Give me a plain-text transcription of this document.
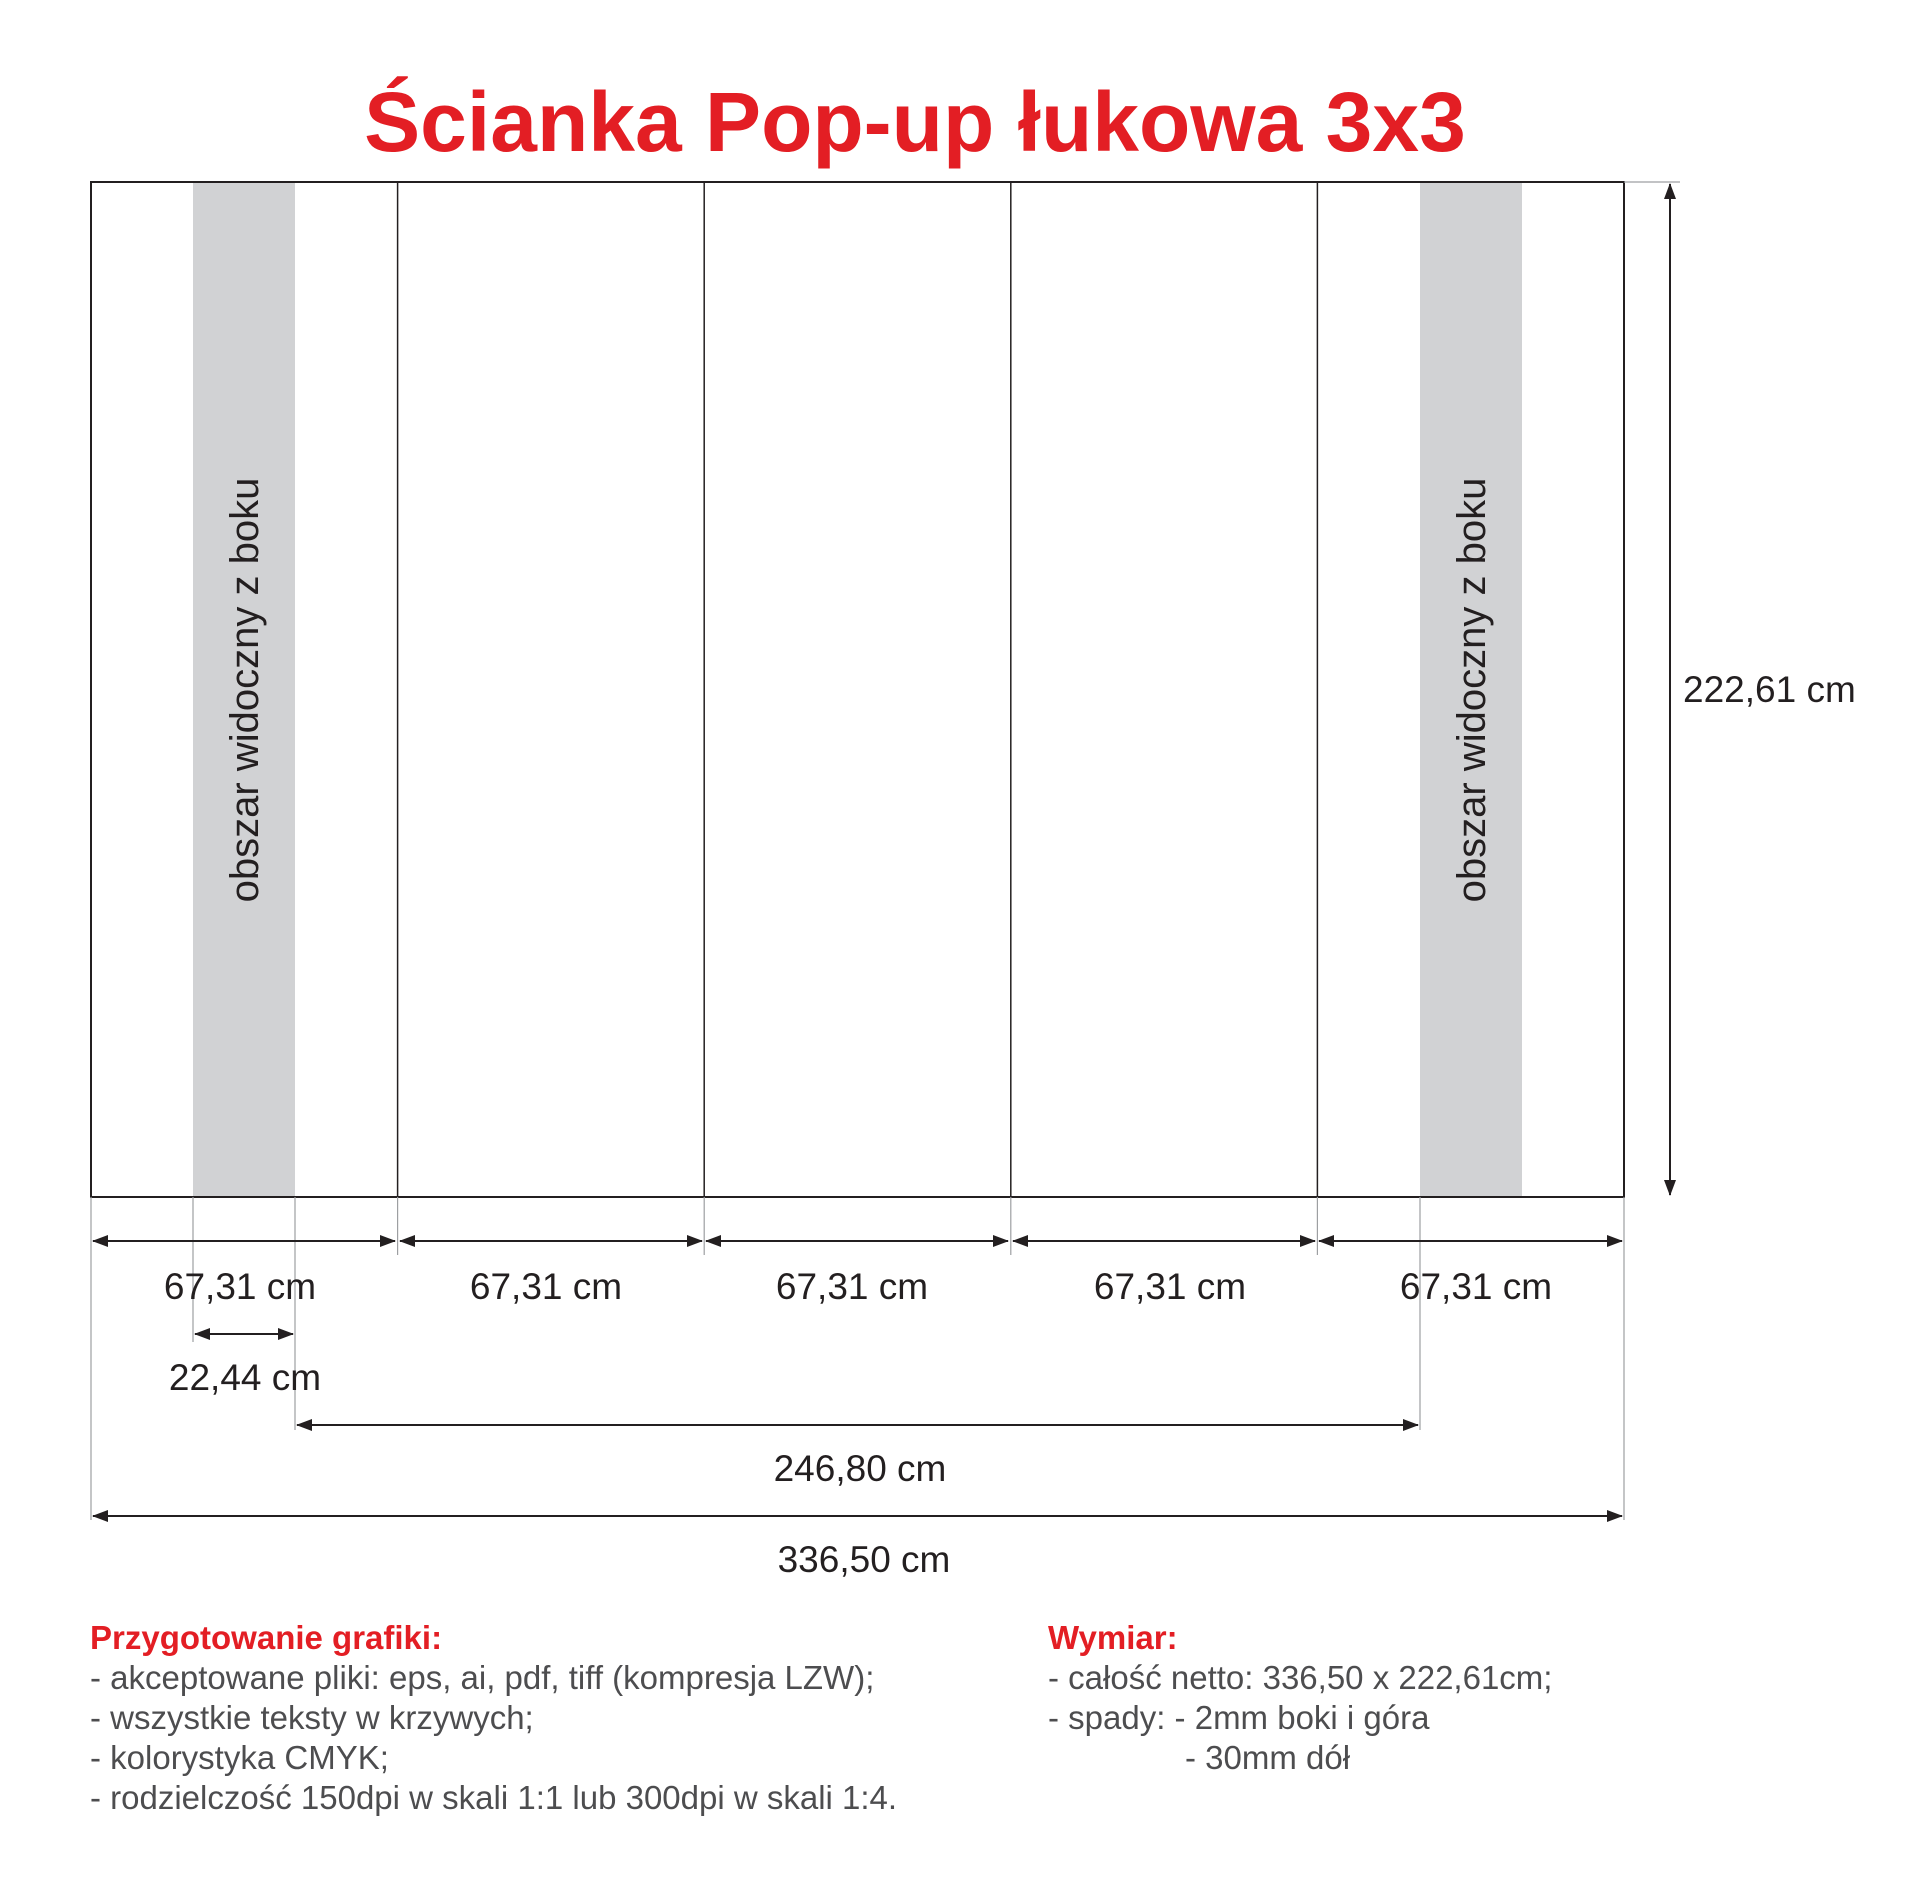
Ścianka Pop-up łukowa 3x3
obszar widoczny z boku	obszar widoczny z boku
67,31 cm	67,31 cm	67,31 cm	67,31 cm	67,31 cm
22,44 cm
246,80 cm
336,50 cm
222,61 cm
Przygotowanie grafiki:
- akceptowane pliki: eps, ai, pdf, tiff (kompresja LZW);
- wszystkie teksty w krzywych;
- kolorystyka CMYK;
- rodzielczość 150dpi w skali 1:1 lub 300dpi w skali 1:4.
Wymiar:
- całość netto: 336,50 x 222,61cm;
- spady: - 2mm boki i góra
- 30mm dół
